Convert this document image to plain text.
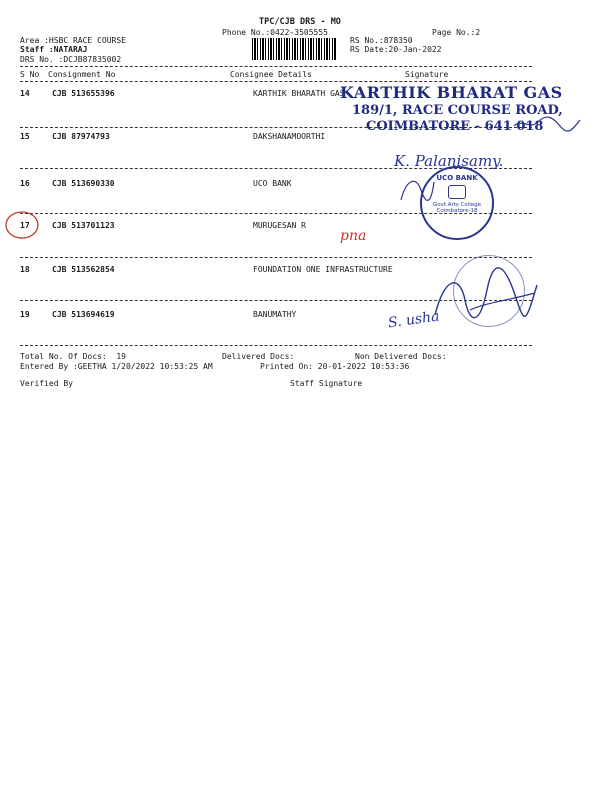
TPC/CJB DRS - MO
Phone No.:0422-3505555	Page No.:2
Area :HSBC RACE COURSE
Staff :NATARAJ
DRS No. :DCJB87835002
RS No.:878350
RS Date:20-Jan-2022
S No Consignment No	Consignee Details	Signature
14	CJB 513655396	KARTHIK BHARATH GAS
15	CJB 87974793	DAKSHANAMOORTHI
16	CJB 513690330	UCO BANK
17	CJB 513701123	MURUGESAN R
18	CJB 513562854	FOUNDATION ONE INFRASTRUCTURE
19	CJB 513694619	BANUMATHY
Total No. Of Docs:  19	Delivered Docs:	Non Delivered Docs:
Entered By :GEETHA 1/20/2022 10:53:25 AM	Printed On: 20-01-2022 10:53:36
Verified By	Staff Signature
KARTHIK BHARAT GAS
189/1, RACE COURSE ROAD,
COIMBATORE - 641 018
UCO BANK
Govt.Arts College
Coimbatore-18
K. Palanisamy.
pna
S. usha
